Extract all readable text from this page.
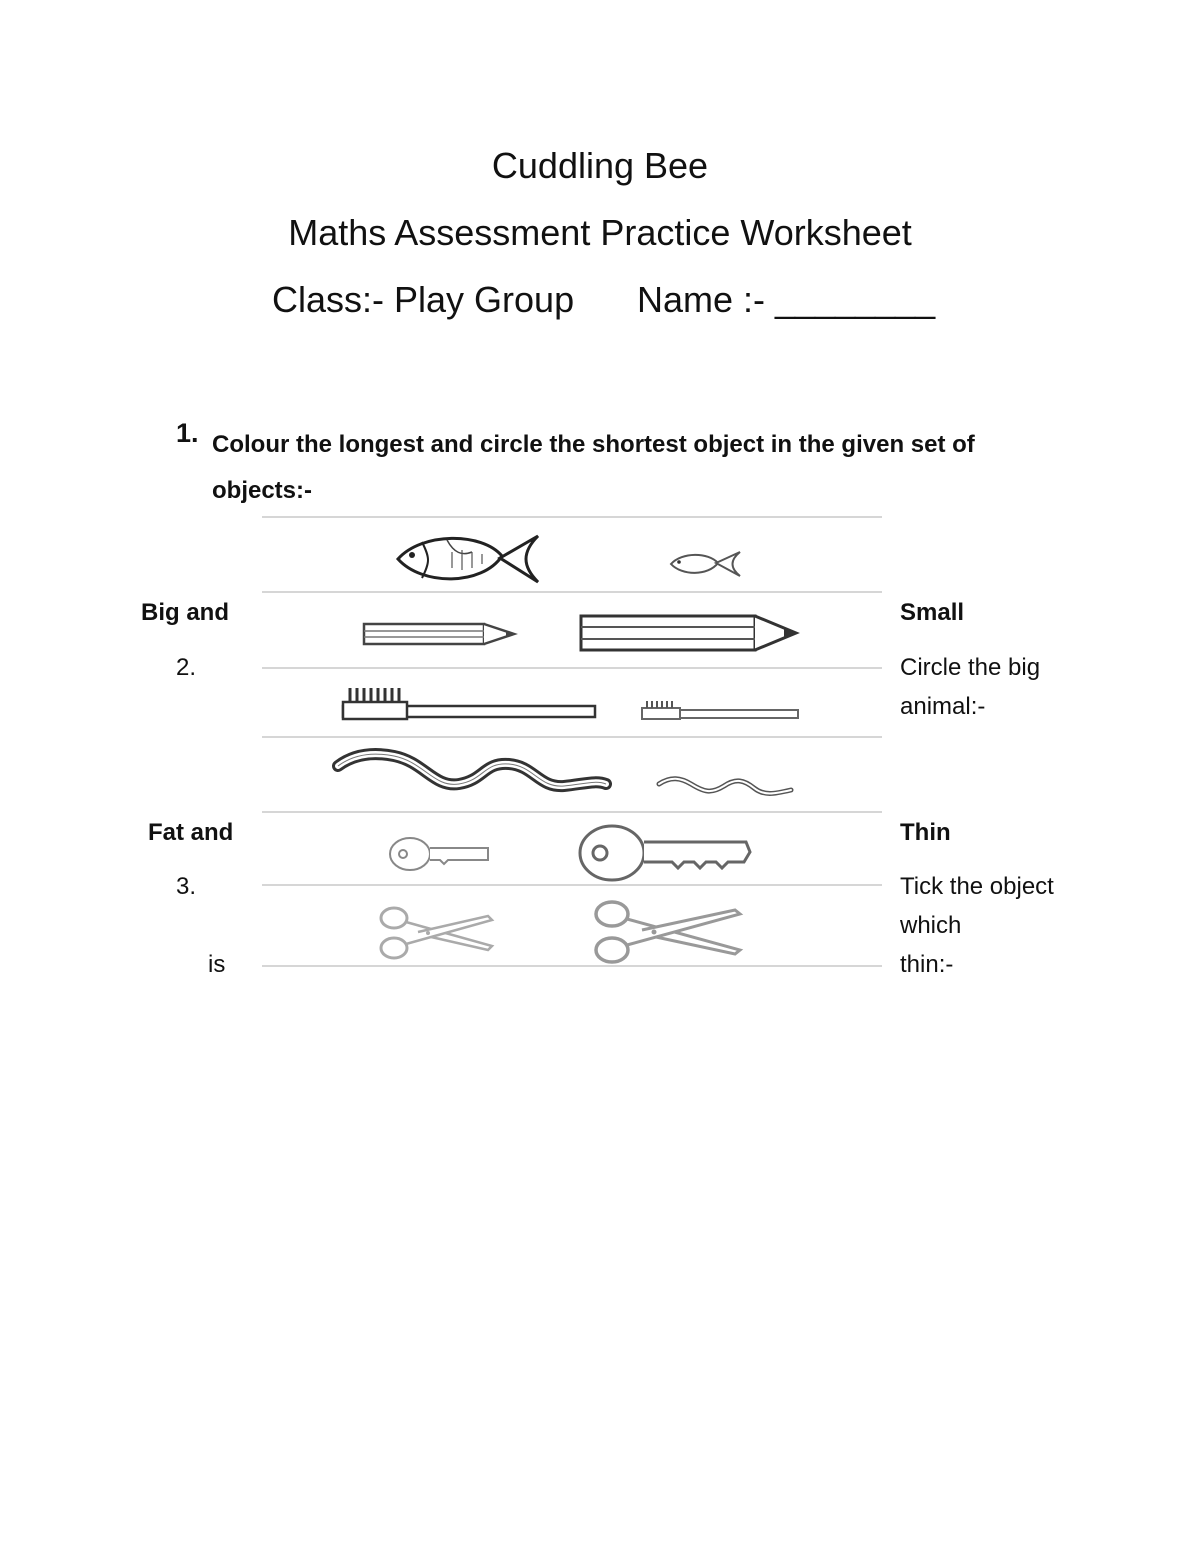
Cuddling Bee
Maths Assessment Practice Worksheet
Class:- Play Group Name :- ________
1. Colour the longest and circle the shortest object in the given set of objects:-
Big and	Small
2.	Circle the big animal:-
Fat and	Thin
3.	Tick the object which
is	thin:-
